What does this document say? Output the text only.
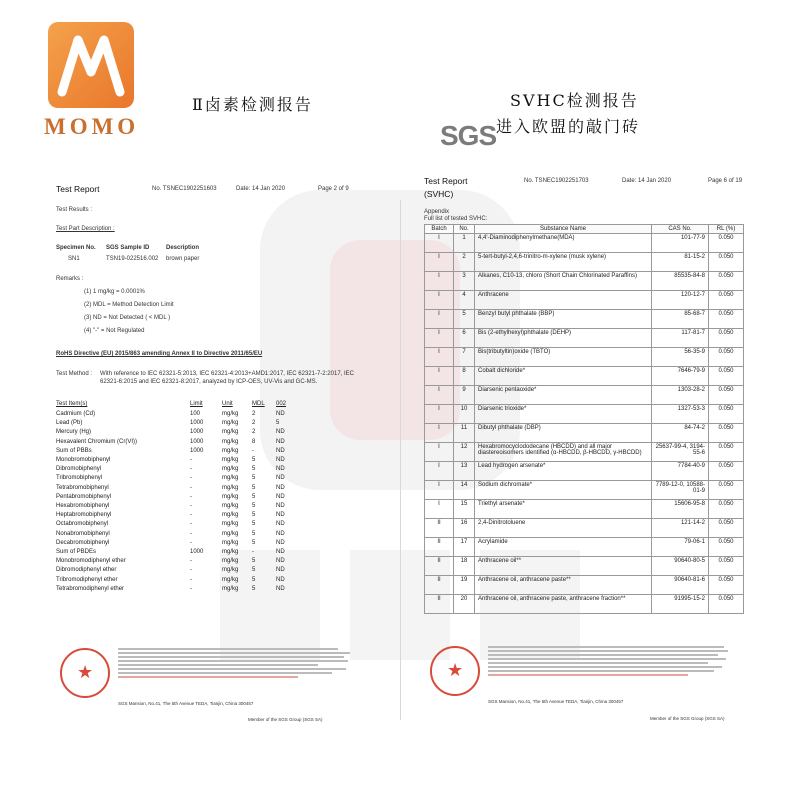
MOMO
Ⅱ卤素检测报告	SVHC检测报告
进入欧盟的敲门砖
SGS
Test Report	No. TSNEC1902251603	Date: 14 Jan 2020	Page 2 of 9
Test Results :
Test Part Description :
Specimen No. SGS Sample ID	Description
SN1	TSN19-022516.002 brown paper
Remarks :
(1) 1 mg/kg = 0.0001%
(2) MDL = Method Detection Limit
(3) ND = Not Detected ( < MDL )
(4) "-" = Not Regulated
RoHS Directive (EU) 2015/863 amending Annex II to Directive 2011/65/EU
Test Method : With reference to IEC 62321-5:2013, IEC 62321-4:2013+AMD1:2017, IEC 62321-7-2:2017, IEC
62321-6:2015 and IEC 62321-8:2017, analyzed by ICP-OES, UV-Vis and GC-MS.
Test Item(s)	Limit	Unit	MDL 002
Cadmium (Cd)	100	mg/kg 2	ND
Lead (Pb)	1000	mg/kg 2	5
Mercury (Hg)	1000	mg/kg 2	ND
Hexavalent Chromium (Cr(VI))	1000	mg/kg 8	ND
Sum of PBBs	1000	mg/kg -	ND
Monobromobiphenyl	-	mg/kg 5	ND
Dibromobiphenyl	-	mg/kg 5	ND
Tribromobiphenyl	-	mg/kg 5	ND
Tetrabromobiphenyl	-	mg/kg 5	ND
Pentabromobiphenyl	-	mg/kg 5	ND
Hexabromobiphenyl	-	mg/kg 5	ND
Heptabromobiphenyl	-	mg/kg 5	ND
Octabromobiphenyl	-	mg/kg 5	ND
Nonabromobiphenyl	-	mg/kg 5	ND
Decabromobiphenyl	-	mg/kg 5	ND
Sum of PBDEs	1000	mg/kg -	ND
Monobromodiphenyl ether	-	mg/kg 5	ND
Dibromodiphenyl ether	-	mg/kg 5	ND
Tribromodiphenyl ether	-	mg/kg 5	ND
Tetrabromodiphenyl ether	-	mg/kg 5	ND
★
SGS Mansion, No.41, The 5th Avenue TEDA, Tianjin, China 300457
Member of the SGS Group (SGS SA)
Test Report
(SVHC)
No. TSNEC1902251703	Date: 14 Jan 2020	Page 6 of 19
Appendix
Full list of tested SVHC:
Batch	No.	Substance Name	CAS No.	RL (%)
I	1	4,4'-Diaminodiphenylmethane(MDA)	101-77-9	0.050
I	2	5-tert-butyl-2,4,6-trinitro-m-xylene (musk xylene)	81-15-2	0.050
I	3	Alkanes, C10-13, chloro (Short Chain Chlorinated Paraffins)	85535-84-8	0.050
I	4	Anthracene	120-12-7	0.050
I	5	Benzyl butyl phthalate (BBP)	85-68-7	0.050
I	6	Bis (2-ethylhexyl)phthalate (DEHP)	117-81-7	0.050
I	7	Bis(tributyltin)oxide (TBTO)	56-35-9	0.050
I	8	Cobalt dichloride*	7646-79-9	0.050
I	9	Diarsenic pentaoxide*	1303-28-2	0.050
I	10	Diarsenic trioxide*	1327-53-3	0.050
I	11	Dibutyl phthalate (DBP)	84-74-2	0.050
I	12	Hexabromocyclododecane (HBCDD) and all major diastereoisomers identified (α-HBCDD, β-HBCDD, γ-HBCDD)	25637-99-4, 3194-55-6	0.050
I	13	Lead hydrogen arsenate*	7784-40-9	0.050
I	14	Sodium dichromate*	7789-12-0, 10588-01-9	0.050
I	15	Triethyl arsenate*	15606-95-8	0.050
II	16	2,4-Dinitrotoluene	121-14-2	0.050
II	17	Acrylamide	79-06-1	0.050
II	18	Anthracene oil**	90640-80-5	0.050
II	19	Anthracene oil, anthracene paste**	90640-81-6	0.050
II	20	Anthracene oil, anthracene paste, anthracene fraction**	91995-15-2	0.050
★
SGS Mansion, No.41, The 5th Avenue TEDA, Tianjin, China 300457
Member of the SGS Group (SGS SA)
